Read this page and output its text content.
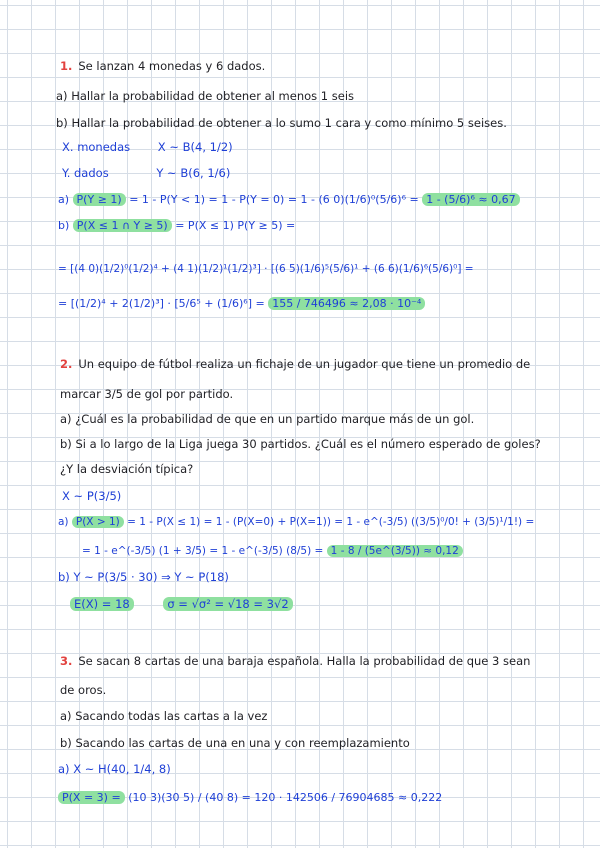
1. Se lanzan 4 monedas y 6 dados.
a) Hallar la probabilidad de obtener al menos 1 seis
b) Hallar la probabilidad de obtener a lo sumo 1 cara y como mínimo 5 seises.
X. monedas X ~ B(4, 1/2)
Y. dados	Y ~ B(6, 1/6)
a) P(Y ≥ 1) = 1 - P(Y < 1) = 1 - P(Y = 0) = 1 - (6 0)(1/6)⁰(5/6)⁶ = 1 - (5/6)⁶ ≈ 0,67
b) P(X ≤ 1 ∩ Y ≥ 5) = P(X ≤ 1) P(Y ≥ 5) =
= [(4 0)(1/2)⁰(1/2)⁴ + (4 1)(1/2)¹(1/2)³] · [(6 5)(1/6)⁵(5/6)¹ + (6 6)(1/6)⁶(5/6)⁰] =
= [(1/2)⁴ + 2(1/2)³] · [5/6⁵ + (1/6)⁶] = 155 / 746496 ≈ 2,08 · 10⁻⁴
2. Un equipo de fútbol realiza un fichaje de un jugador que tiene un promedio de
marcar 3/5 de gol por partido.
a) ¿Cuál es la probabilidad de que en un partido marque más de un gol.
b) Si a lo largo de la Liga juega 30 partidos. ¿Cuál es el número esperado de goles?
¿Y la desviación típica?
X ~ P(3/5)
a) P(X > 1) = 1 - P(X ≤ 1) = 1 - (P(X=0) + P(X=1)) = 1 - e^(-3/5) ((3/5)⁰/0! + (3/5)¹/1!) =
= 1 - e^(-3/5) (1 + 3/5) = 1 - e^(-3/5) (8/5) = 1 - 8 / (5e^(3/5)) ≈ 0,12
b) Y ~ P(3/5 · 30) ⇒ Y ~ P(18)
E(X) = 18	σ = √σ² = √18 = 3√2
3. Se sacan 8 cartas de una baraja española. Halla la probabilidad de que 3 sean
de oros.
a) Sacando todas las cartas a la vez
b) Sacando las cartas de una en una y con reemplazamiento
a) X ~ H(40, 1/4, 8)
P(X = 3) = (10 3)(30 5) / (40 8) = 120 · 142506 / 76904685 ≈ 0,222
